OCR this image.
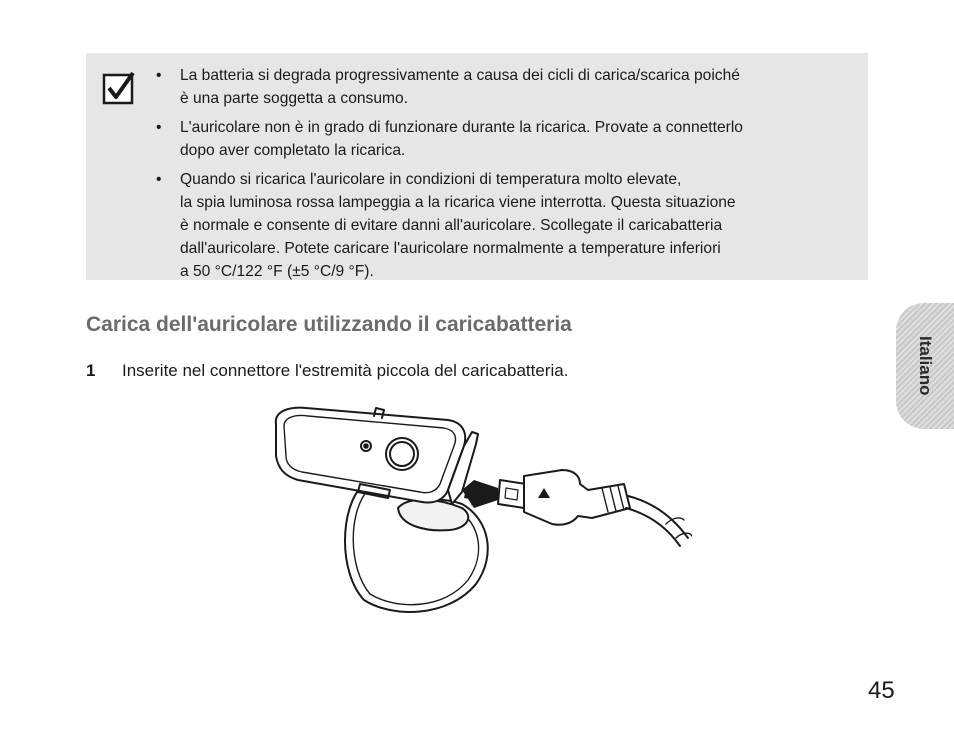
• La batteria si degrada progressivamente a causa dei cicli di carica/scarica poiché
è una parte soggetta a consumo.
• L'auricolare non è in grado di funzionare durante la ricarica. Provate a connetterlo
dopo aver completato la ricarica.
• Quando si ricarica l'auricolare in condizioni di temperatura molto elevate,
la spia luminosa rossa lampeggia a la ricarica viene interrotta. Questa situazione
è normale e consente di evitare danni all'auricolare. Scollegate il caricabatteria
dall'auricolare. Potete caricare l'auricolare normalmente a temperature inferiori
a 50 °C/122 °F (±5 °C/9 °F).
Carica dell'auricolare utilizzando il caricabatteria
1 Inserite nel connettore l'estremità piccola del caricabatteria.	Italiano
45
